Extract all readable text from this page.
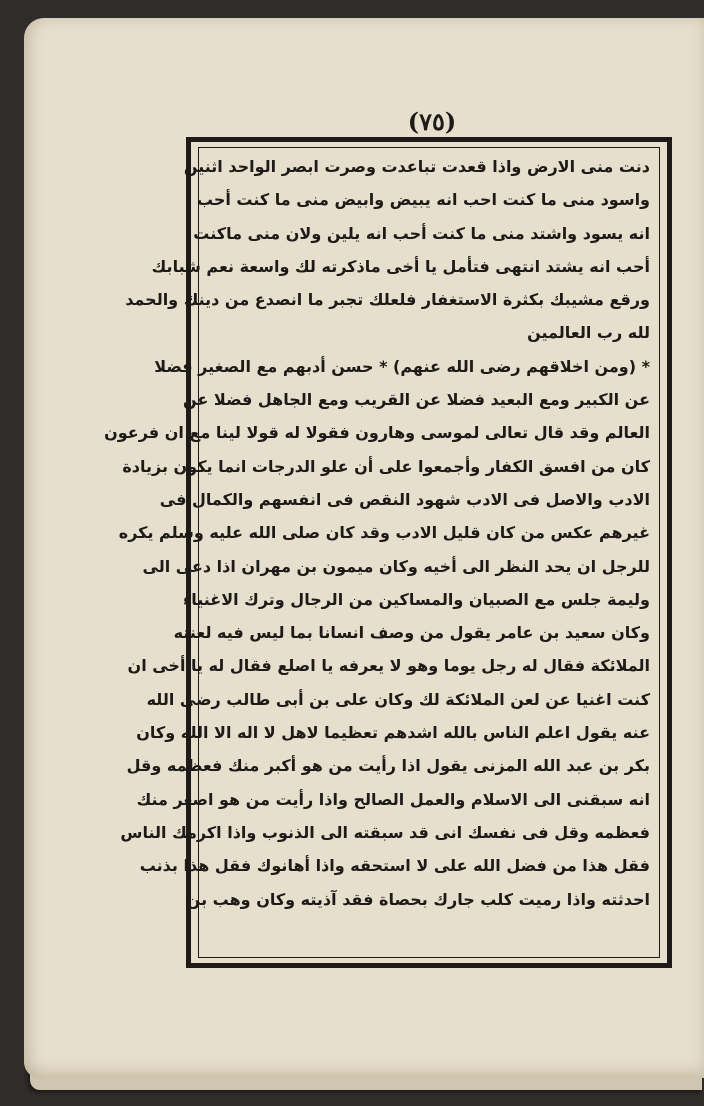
(٧٥)
دنت منى الارض واذا قعدت تباعدت وصرت ابصر الواحد اثنين
واسود منى ما كنت احب انه يبيض وابيض منى ما كنت أحب
انه يسود واشتد منى ما كنت أحب انه يلين ولان منى ماكنت
أحب انه يشتد انتهى فتأمل يا أخى ماذكرته لك واسعة نعم شبابك
ورقع مشيبك بكثرة الاستغفار فلعلك تجبر ما انصدع من دينك والحمد
لله رب العالمين
* (ومن اخلاقهم رضى الله عنهم) * حسن أدبهم مع الصغير فضلا
عن الكبير ومع البعيد فضلا عن القريب ومع الجاهل فضلا عن
العالم وقد قال تعالى لموسى وهارون فقولا له قولا لينا مع ان فرعون
كان من افسق الكفار وأجمعوا على أن علو الدرجات انما يكون بزيادة
الادب والاصل فى الادب شهود النقص فى انفسهم والكمال فى
غيرهم عكس من كان قليل الادب وقد كان صلى الله عليه وسلم يكره
للرجل ان يحد النظر الى أخيه وكان ميمون بن مهران اذا دعى الى
وليمة جلس مع الصبيان والمساكين من الرجال وترك الاغنياء
وكان سعيد بن عامر يقول من وصف انسانا بما ليس فيه لعنته
الملائكة فقال له رجل يوما وهو لا يعرفه يا اصلع فقال له يا أخى ان
كنت اغنيا عن لعن الملائكة لك وكان على بن أبى طالب رضى الله
عنه يقول اعلم الناس بالله اشدهم تعظيما لاهل لا اله الا الله وكان
بكر بن عبد الله المزنى يقول اذا رأيت من هو أكبر منك فعظمه وقل
انه سبقنى الى الاسلام والعمل الصالح واذا رأيت من هو اصغر منك
فعظمه وقل فى نفسك انى قد سبقته الى الذنوب واذا اكرمك الناس
فقل هذا من فضل الله على لا استحقه واذا أهانوك فقل هذا بذنب
احدثته واذا رميت كلب جارك بحصاة فقد آذيته وكان وهب بن
